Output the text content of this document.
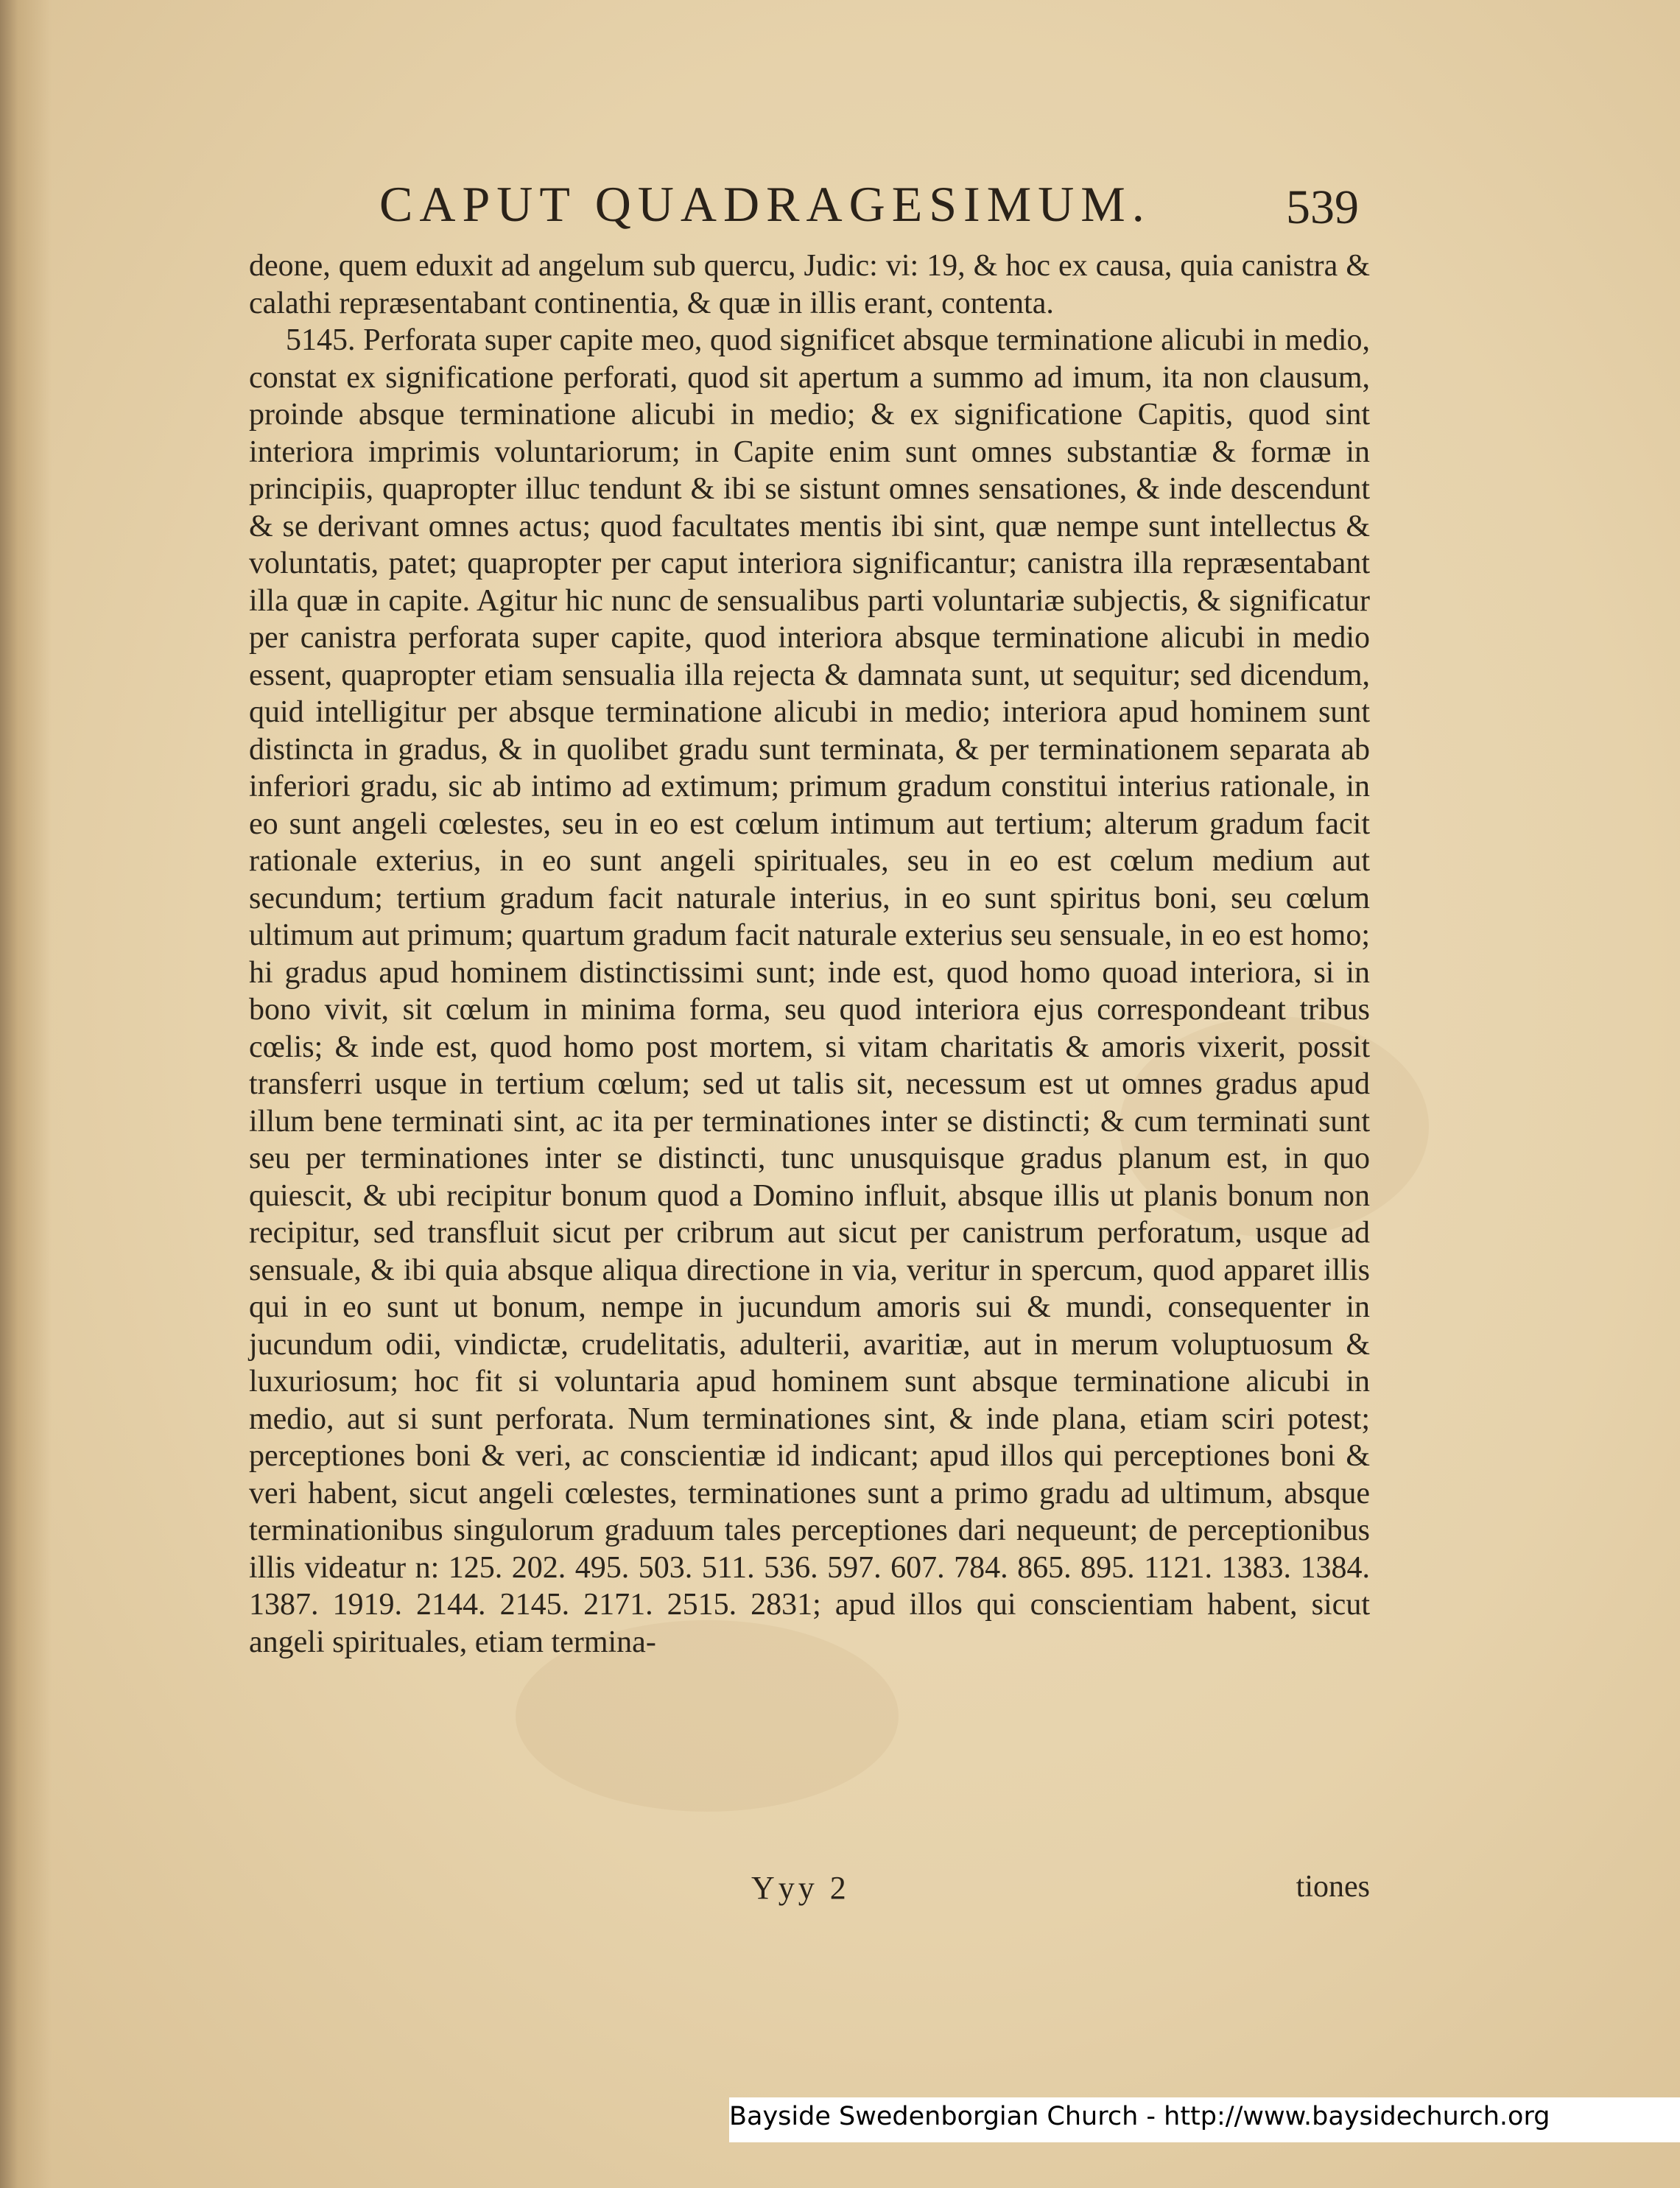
CAPUT QUADRAGESIMUM.	539

deone, quem eduxit ad angelum sub quercu, Judic: vi: 19, & hoc ex causa, quia canistra & calathi repræsentabant continentia, & quæ in illis erant, contenta.

5145. Perforata super capite meo, quod significet absque terminatione alicubi in medio, constat ex significatione perforati, quod sit apertum a summo ad imum, ita non clausum, proinde absque terminatione alicubi in medio; & ex significatione Capitis, quod sint interiora imprimis voluntariorum; in Capite enim sunt omnes substantiæ & formæ in principiis, quapropter illuc tendunt & ibi se sistunt omnes sensationes, & inde descendunt & se derivant omnes actus; quod facultates mentis ibi sint, quæ nempe sunt intellectus & voluntatis, patet; quapropter per caput interiora significantur; canistra illa repræsentabant illa quæ in capite. Agitur hic nunc de sensualibus parti voluntariæ subjectis, & significatur per canistra perforata super capite, quod interiora absque terminatione alicubi in medio essent, quapropter etiam sensualia illa rejecta & damnata sunt, ut sequitur; sed dicendum, quid intelligitur per absque terminatione alicubi in medio; interiora apud hominem sunt distincta in gradus, & in quolibet gradu sunt terminata, & per terminationem separata ab inferiori gradu, sic ab intimo ad extimum; primum gradum constitui interius rationale, in eo sunt angeli cœlestes, seu in eo est cœlum intimum aut tertium; alterum gradum facit rationale exterius, in eo sunt angeli spirituales, seu in eo est cœlum medium aut secundum; tertium gradum facit naturale interius, in eo sunt spiritus boni, seu cœlum ultimum aut primum; quartum gradum facit naturale exterius seu sensuale, in eo est homo; hi gradus apud hominem distinctissimi sunt; inde est, quod homo quoad interiora, si in bono vivit, sit cœlum in minima forma, seu quod interiora ejus correspondeant tribus cœlis; & inde est, quod homo post mortem, si vitam charitatis & amoris vixerit, possit transferri usque in tertium cœlum; sed ut talis sit, necessum est ut omnes gradus apud illum bene terminati sint, ac ita per terminationes inter se distincti; & cum terminati sunt seu per terminationes inter se distincti, tunc unusquisque gradus planum est, in quo quiescit, & ubi recipitur bonum quod a Domino influit, absque illis ut planis bonum non recipitur, sed transfluit sicut per cribrum aut sicut per canistrum perforatum, usque ad sensuale, & ibi quia absque aliqua directione in via, veritur in spercum, quod apparet illis qui in eo sunt ut bonum, nempe in jucundum amoris sui & mundi, consequenter in jucundum odii, vindictæ, crudelitatis, adulterii, avaritiæ, aut in merum voluptuosum & luxuriosum; hoc fit si voluntaria apud hominem sunt absque terminatione alicubi in medio, aut si sunt perforata. Num terminationes sint, & inde plana, etiam sciri potest; perceptiones boni & veri, ac conscientiæ id indicant; apud illos qui perceptiones boni & veri habent, sicut angeli cœlestes, terminationes sunt a primo gradu ad ultimum, absque terminationibus singulorum graduum tales perceptiones dari nequeunt; de perceptionibus illis videatur n: 125. 202. 495. 503. 511. 536. 597. 607. 784. 865. 895. 1121. 1383. 1384. 1387. 1919. 2144. 2145. 2171. 2515. 2831; apud illos qui conscientiam habent, sicut angeli spirituales, etiam termina-

Yyy 2	tiones
Bayside Swedenborgian Church - http://www.baysidechurch.org
